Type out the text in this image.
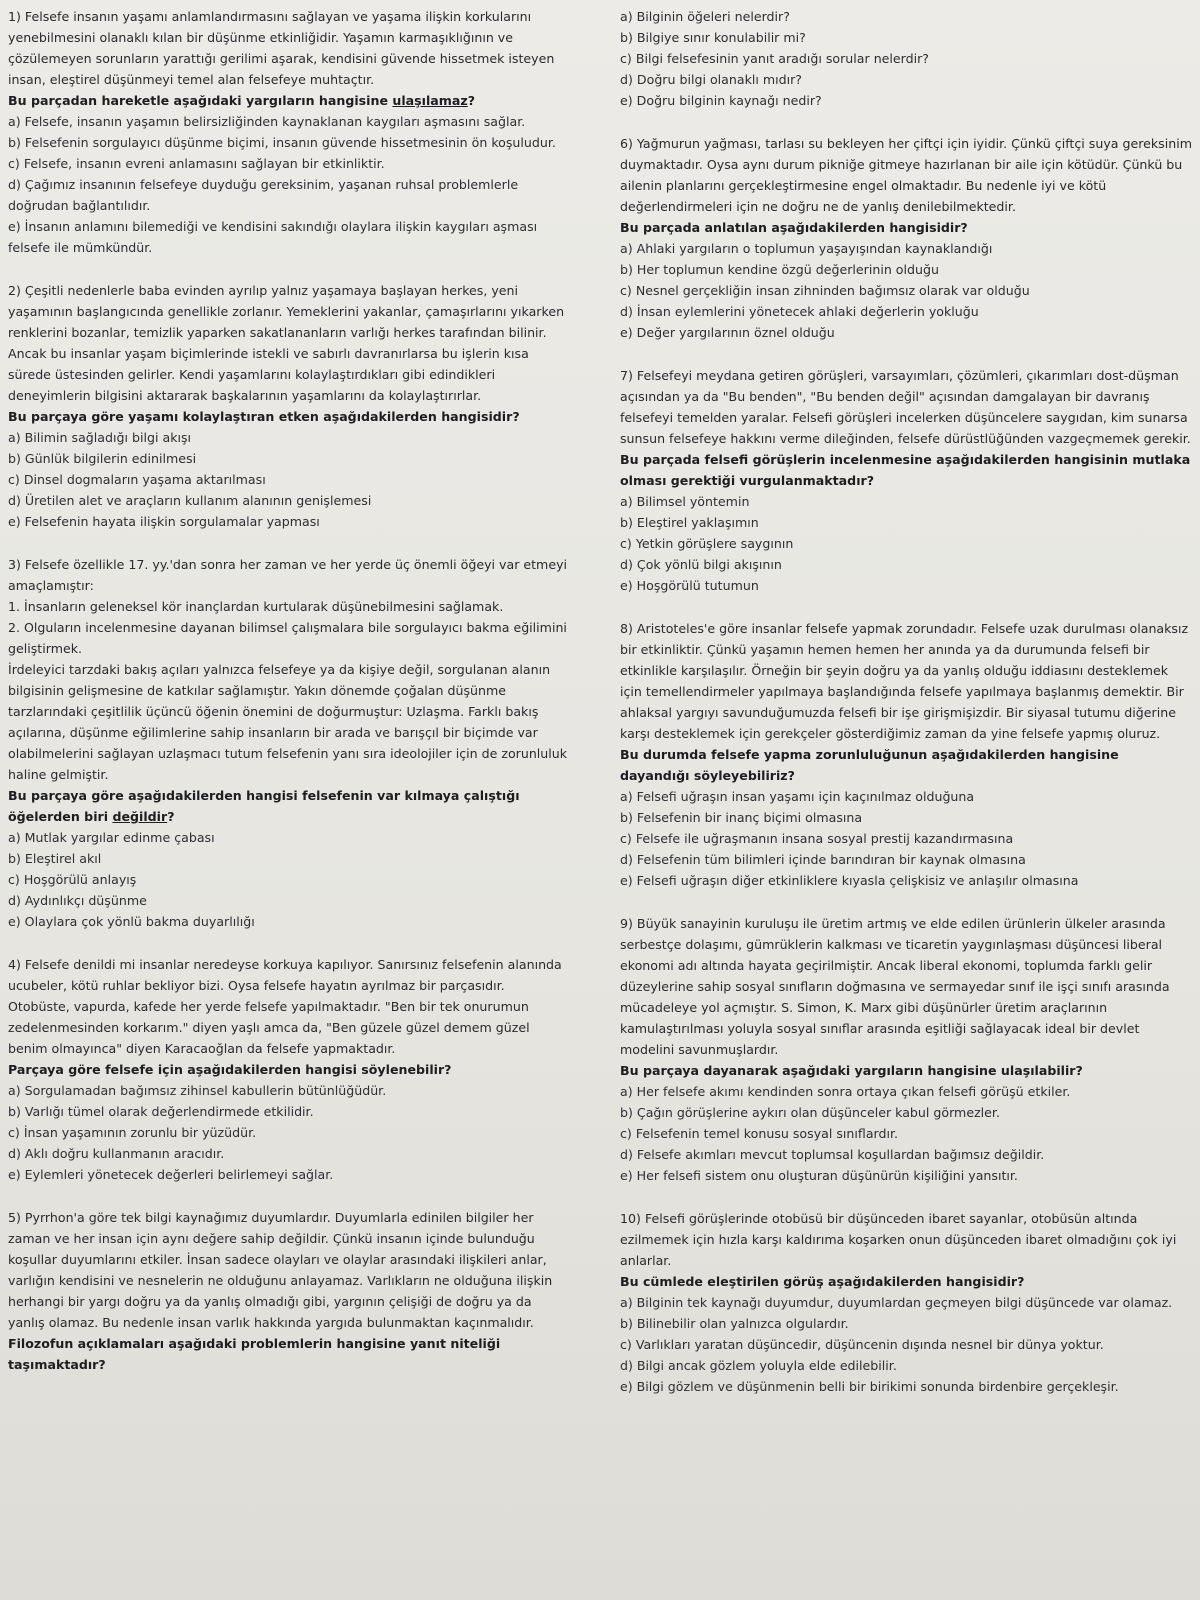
1) Felsefe insanın yaşamı anlamlandırmasını sağlayan ve yaşama ilişkin korkularını yenebilmesini olanaklı kılan bir düşünme etkinliğidir. Yaşamın karmaşıklığının ve çözülemeyen sorunların yarattığı gerilimi aşarak, kendisini güvende hissetmek isteyen insan, eleştirel düşünmeyi temel alan felsefeye muhtaçtır.

Bu parçadan hareketle aşağıdaki yargıların hangisine ulaşılamaz?

a) Felsefe, insanın yaşamın belirsizliğinden kaynaklanan kaygıları aşmasını sağlar.

b) Felsefenin sorgulayıcı düşünme biçimi, insanın güvende hissetmesinin ön koşuludur.

c) Felsefe, insanın evreni anlamasını sağlayan bir etkinliktir.

d) Çağımız insanının felsefeye duyduğu gereksinim, yaşanan ruhsal problemlerle doğrudan bağlantılıdır.

e) İnsanın anlamını bilemediği ve kendisini sakındığı olaylara ilişkin kaygıları aşması felsefe ile mümkündür.

2) Çeşitli nedenlerle baba evinden ayrılıp yalnız yaşamaya başlayan herkes, yeni yaşamının başlangıcında genellikle zorlanır. Yemeklerini yakanlar, çamaşırlarını yıkarken renklerini bozanlar, temizlik yaparken sakatlananların varlığı herkes tarafından bilinir. Ancak bu insanlar yaşam biçimlerinde istekli ve sabırlı davranırlarsa bu işlerin kısa sürede üstesinden gelirler. Kendi yaşamlarını kolaylaştırdıkları gibi edindikleri deneyimlerin bilgisini aktararak başkalarının yaşamlarını da kolaylaştırırlar.

Bu parçaya göre yaşamı kolaylaştıran etken aşağıdakilerden hangisidir?

a) Bilimin sağladığı bilgi akışı

b) Günlük bilgilerin edinilmesi

c) Dinsel dogmaların yaşama aktarılması

d) Üretilen alet ve araçların kullanım alanının genişlemesi

e) Felsefenin hayata ilişkin sorgulamalar yapması

3) Felsefe özellikle 17. yy.'dan sonra her zaman ve her yerde üç önemli öğeyi var etmeyi amaçlamıştır:

1. İnsanların geleneksel kör inançlardan kurtularak düşünebilmesini sağlamak.

2. Olguların incelenmesine dayanan bilimsel çalışmalara bile sorgulayıcı bakma eğilimini geliştirmek.

İrdeleyici tarzdaki bakış açıları yalnızca felsefeye ya da kişiye değil, sorgulanan alanın bilgisinin gelişmesine de katkılar sağlamıştır. Yakın dönemde çoğalan düşünme tarzlarındaki çeşitlilik üçüncü öğenin önemini de doğurmuştur: Uzlaşma. Farklı bakış açılarına, düşünme eğilimlerine sahip insanların bir arada ve barışçıl bir biçimde var olabilmelerini sağlayan uzlaşmacı tutum felsefenin yanı sıra ideolojiler için de zorunluluk haline gelmiştir.

Bu parçaya göre aşağıdakilerden hangisi felsefenin var kılmaya çalıştığı öğelerden biri değildir?

a) Mutlak yargılar edinme çabası

b) Eleştirel akıl

c) Hoşgörülü anlayış

d) Aydınlıkçı düşünme

e) Olaylara çok yönlü bakma duyarlılığı

4) Felsefe denildi mi insanlar neredeyse korkuya kapılıyor. Sanırsınız felsefenin alanında ucubeler, kötü ruhlar bekliyor bizi. Oysa felsefe hayatın ayrılmaz bir parçasıdır. Otobüste, vapurda, kafede her yerde felsefe yapılmaktadır. "Ben bir tek onurumun zedelenmesinden korkarım." diyen yaşlı amca da, "Ben güzele güzel demem güzel benim olmayınca" diyen Karacaoğlan da felsefe yapmaktadır.

Parçaya göre felsefe için aşağıdakilerden hangisi söylenebilir?

a) Sorgulamadan bağımsız zihinsel kabullerin bütünlüğüdür.

b) Varlığı tümel olarak değerlendirmede etkilidir.

c) İnsan yaşamının zorunlu bir yüzüdür.

d) Aklı doğru kullanmanın aracıdır.

e) Eylemleri yönetecek değerleri belirlemeyi sağlar.

5) Pyrrhon'a göre tek bilgi kaynağımız duyumlardır. Duyumlarla edinilen bilgiler her zaman ve her insan için aynı değere sahip değildir. Çünkü insanın içinde bulunduğu koşullar duyumlarını etkiler. İnsan sadece olayları ve olaylar arasındaki ilişkileri anlar, varlığın kendisini ve nesnelerin ne olduğunu anlayamaz. Varlıkların ne olduğuna ilişkin herhangi bir yargı doğru ya da yanlış olmadığı gibi, yargının çelişiği de doğru ya da yanlış olamaz. Bu nedenle insan varlık hakkında yargıda bulunmaktan kaçınmalıdır.

Filozofun açıklamaları aşağıdaki problemlerin hangisine yanıt niteliği taşımaktadır?

a) Bilginin öğeleri nelerdir?

b) Bilgiye sınır konulabilir mi?

c) Bilgi felsefesinin yanıt aradığı sorular nelerdir?

d) Doğru bilgi olanaklı mıdır?

e) Doğru bilginin kaynağı nedir?

6) Yağmurun yağması, tarlası su bekleyen her çiftçi için iyidir. Çünkü çiftçi suya gereksinim duymaktadır. Oysa aynı durum pikniğe gitmeye hazırlanan bir aile için kötüdür. Çünkü bu ailenin planlarını gerçekleştirmesine engel olmaktadır. Bu nedenle iyi ve kötü değerlendirmeleri için ne doğru ne de yanlış denilebilmektedir.

Bu parçada anlatılan aşağıdakilerden hangisidir?

a) Ahlaki yargıların o toplumun yaşayışından kaynaklandığı

b) Her toplumun kendine özgü değerlerinin olduğu

c) Nesnel gerçekliğin insan zihninden bağımsız olarak var olduğu

d) İnsan eylemlerini yönetecek ahlaki değerlerin yokluğu

e) Değer yargılarının öznel olduğu

7) Felsefeyi meydana getiren görüşleri, varsayımları, çözümleri, çıkarımları dost-düşman açısından ya da "Bu benden", "Bu benden değil" açısından damgalayan bir davranış felsefeyi temelden yaralar. Felsefi görüşleri incelerken düşüncelere saygıdan, kim sunarsa sunsun felsefeye hakkını verme dileğinden, felsefe dürüstlüğünden vazgeçmemek gerekir.

Bu parçada felsefi görüşlerin incelenmesine aşağıdakilerden hangisinin mutlaka olması gerektiği vurgulanmaktadır?

a) Bilimsel yöntemin

b) Eleştirel yaklaşımın

c) Yetkin görüşlere saygının

d) Çok yönlü bilgi akışının

e) Hoşgörülü tutumun

8) Aristoteles'e göre insanlar felsefe yapmak zorundadır. Felsefe uzak durulması olanaksız bir etkinliktir. Çünkü yaşamın hemen hemen her anında ya da durumunda felsefi bir etkinlikle karşılaşılır. Örneğin bir şeyin doğru ya da yanlış olduğu iddiasını desteklemek için temellendirmeler yapılmaya başlandığında felsefe yapılmaya başlanmış demektir. Bir ahlaksal yargıyı savunduğumuzda felsefi bir işe girişmişizdir. Bir siyasal tutumu diğerine karşı desteklemek için gerekçeler gösterdiğimiz zaman da yine felsefe yapmış oluruz.

Bu durumda felsefe yapma zorunluluğunun aşağıdakilerden hangisine dayandığı söyleyebiliriz?

a) Felsefi uğraşın insan yaşamı için kaçınılmaz olduğuna

b) Felsefenin bir inanç biçimi olmasına

c) Felsefe ile uğraşmanın insana sosyal prestij kazandırmasına

d) Felsefenin tüm bilimleri içinde barındıran bir kaynak olmasına

e) Felsefi uğraşın diğer etkinliklere kıyasla çelişkisiz ve anlaşılır olmasına

9) Büyük sanayinin kuruluşu ile üretim artmış ve elde edilen ürünlerin ülkeler arasında serbestçe dolaşımı, gümrüklerin kalkması ve ticaretin yaygınlaşması düşüncesi liberal ekonomi adı altında hayata geçirilmiştir. Ancak liberal ekonomi, toplumda farklı gelir düzeylerine sahip sosyal sınıfların doğmasına ve sermayedar sınıf ile işçi sınıfı arasında mücadeleye yol açmıştır. S. Simon, K. Marx gibi düşünürler üretim araçlarının kamulaştırılması yoluyla sosyal sınıflar arasında eşitliği sağlayacak ideal bir devlet modelini savunmuşlardır.

Bu parçaya dayanarak aşağıdaki yargıların hangisine ulaşılabilir?

a) Her felsefe akımı kendinden sonra ortaya çıkan felsefi görüşü etkiler.

b) Çağın görüşlerine aykırı olan düşünceler kabul görmezler.

c) Felsefenin temel konusu sosyal sınıflardır.

d) Felsefe akımları mevcut toplumsal koşullardan bağımsız değildir.

e) Her felsefi sistem onu oluşturan düşünürün kişiliğini yansıtır.

10) Felsefi görüşlerinde otobüsü bir düşünceden ibaret sayanlar, otobüsün altında ezilmemek için hızla karşı kaldırıma koşarken onun düşünceden ibaret olmadığını çok iyi anlarlar.

Bu cümlede eleştirilen görüş aşağıdakilerden hangisidir?

a) Bilginin tek kaynağı duyumdur, duyumlardan geçmeyen bilgi düşüncede var olamaz.

b) Bilinebilir olan yalnızca olgulardır.

c) Varlıkları yaratan düşüncedir, düşüncenin dışında nesnel bir dünya yoktur.

d) Bilgi ancak gözlem yoluyla elde edilebilir.

e) Bilgi gözlem ve düşünmenin belli bir birikimi sonunda birdenbire gerçekleşir.
